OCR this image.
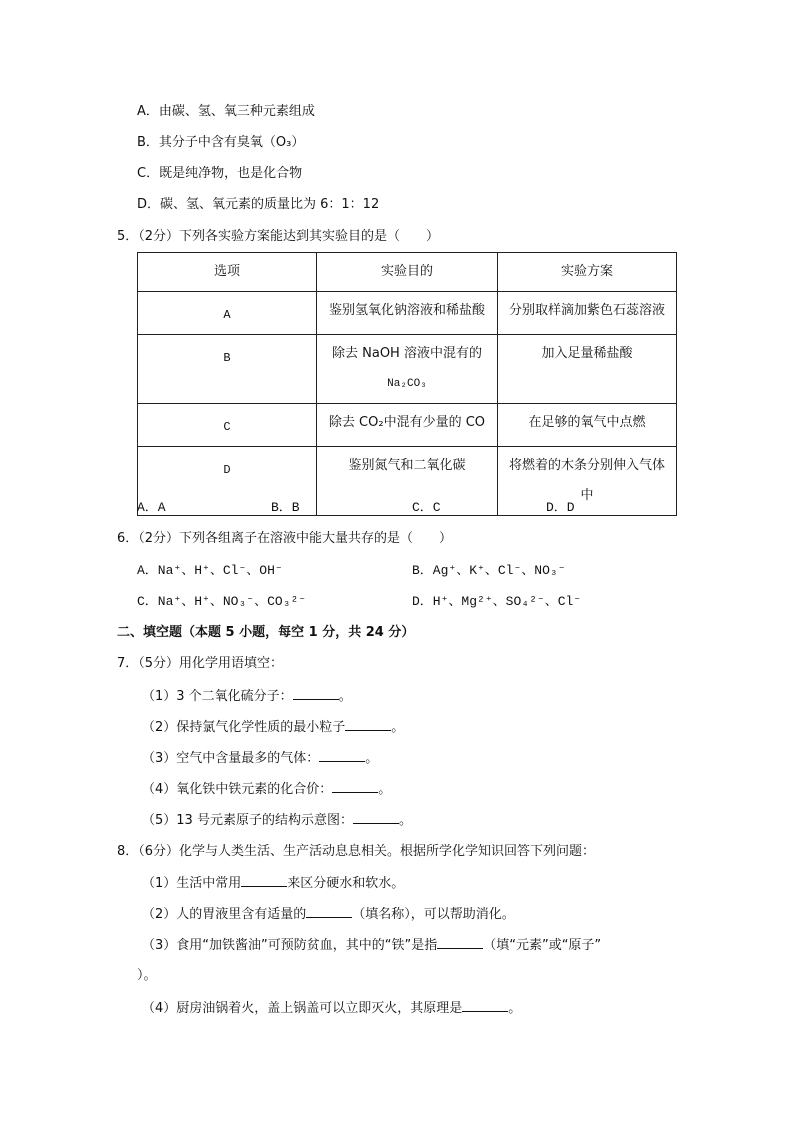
A．由碳、氢、氧三种元素组成
B．其分子中含有臭氧（O₃）
C．既是纯净物，也是化合物
D．碳、氢、氧元素的质量比为 6：1：12
5．（2分）下列各实验方案能达到其实验目的是（　　）
选项	实验目的	实验方案
A	鉴别氢氧化钠溶液和稀盐酸	分别取样滴加紫色石蕊溶液
B	除去 NaOH 溶液中混有的
Na₂CO₃	加入足量稀盐酸
C	除去 CO₂中混有少量的 CO	在足够的氧气中点燃
D	鉴别氮气和二氧化碳	将燃着的木条分别伸入气体
中
A．A	B．B	C．C	D．D
6．（2分）下列各组离子在溶液中能大量共存的是（　　）
A．Na⁺、H⁺、Cl⁻、OH⁻	B．Ag⁺、K⁺、Cl⁻、NO₃⁻
C．Na⁺、H⁺、NO₃⁻、CO₃²⁻	D．H⁺、Mg²⁺、SO₄²⁻、Cl⁻
二、填空题（本题 5 小题，每空 1 分，共 24 分）
7．（5分）用化学用语填空：
（1）3 个二氧化硫分子：	。
（2）保持氯气化学性质的最小粒子	。
（3）空气中含量最多的气体：	。
（4）氧化铁中铁元素的化合价：	。
（5）13 号元素原子的结构示意图：	。
8．（6分）化学与人类生活、生产活动息息相关。根据所学化学知识回答下列问题：
（1）生活中常用	来区分硬水和软水。
（2）人的胃液里含有适量的	（填名称），可以帮助消化。
（3）食用“加铁酱油”可预防贫血，其中的“铁”是指	（填“元素”或“原子”
）。
（4）厨房油锅着火，盖上锅盖可以立即灭火，其原理是	。
